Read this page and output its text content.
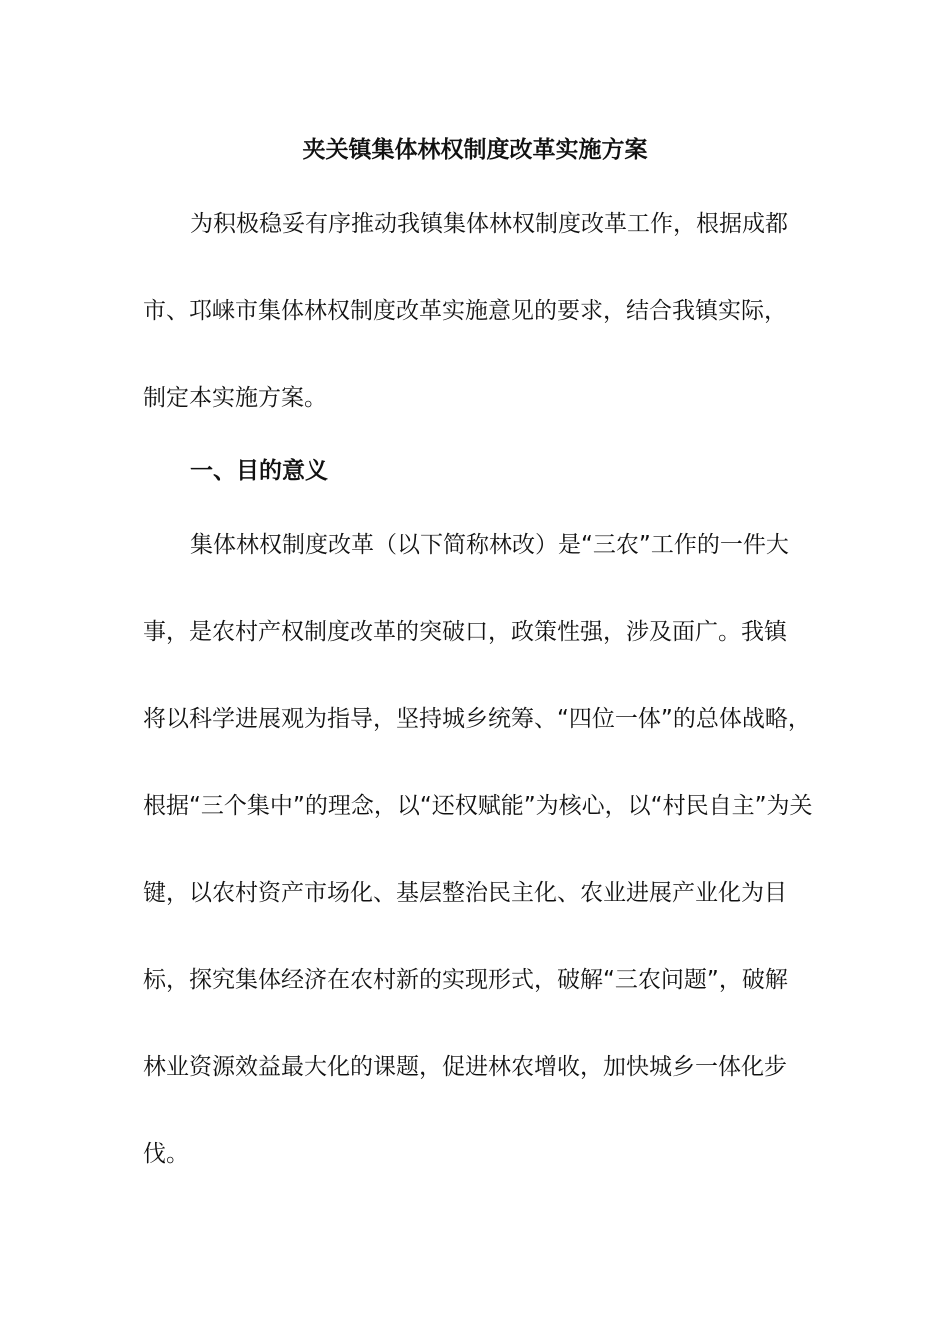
夹关镇集体林权制度改革实施方案
为积极稳妥有序推动我镇集体林权制度改革工作，根据成都
市、邛崃市集体林权制度改革实施意见的要求，结合我镇实际，
制定本实施方案。
一、目的意义
集体林权制度改革（以下简称林改）是“三农”工作的一件大
事，是农村产权制度改革的突破口，政策性强，涉及面广。我镇
将以科学进展观为指导，坚持城乡统筹、“四位一体”的总体战略，
根据“三个集中”的理念，以“还权赋能”为核心，以“村民自主”为关
键，以农村资产市场化、基层整治民主化、农业进展产业化为目
标，探究集体经济在农村新的实现形式，破解“三农问题”，破解
林业资源效益最大化的课题，促进林农增收，加快城乡一体化步
伐。
